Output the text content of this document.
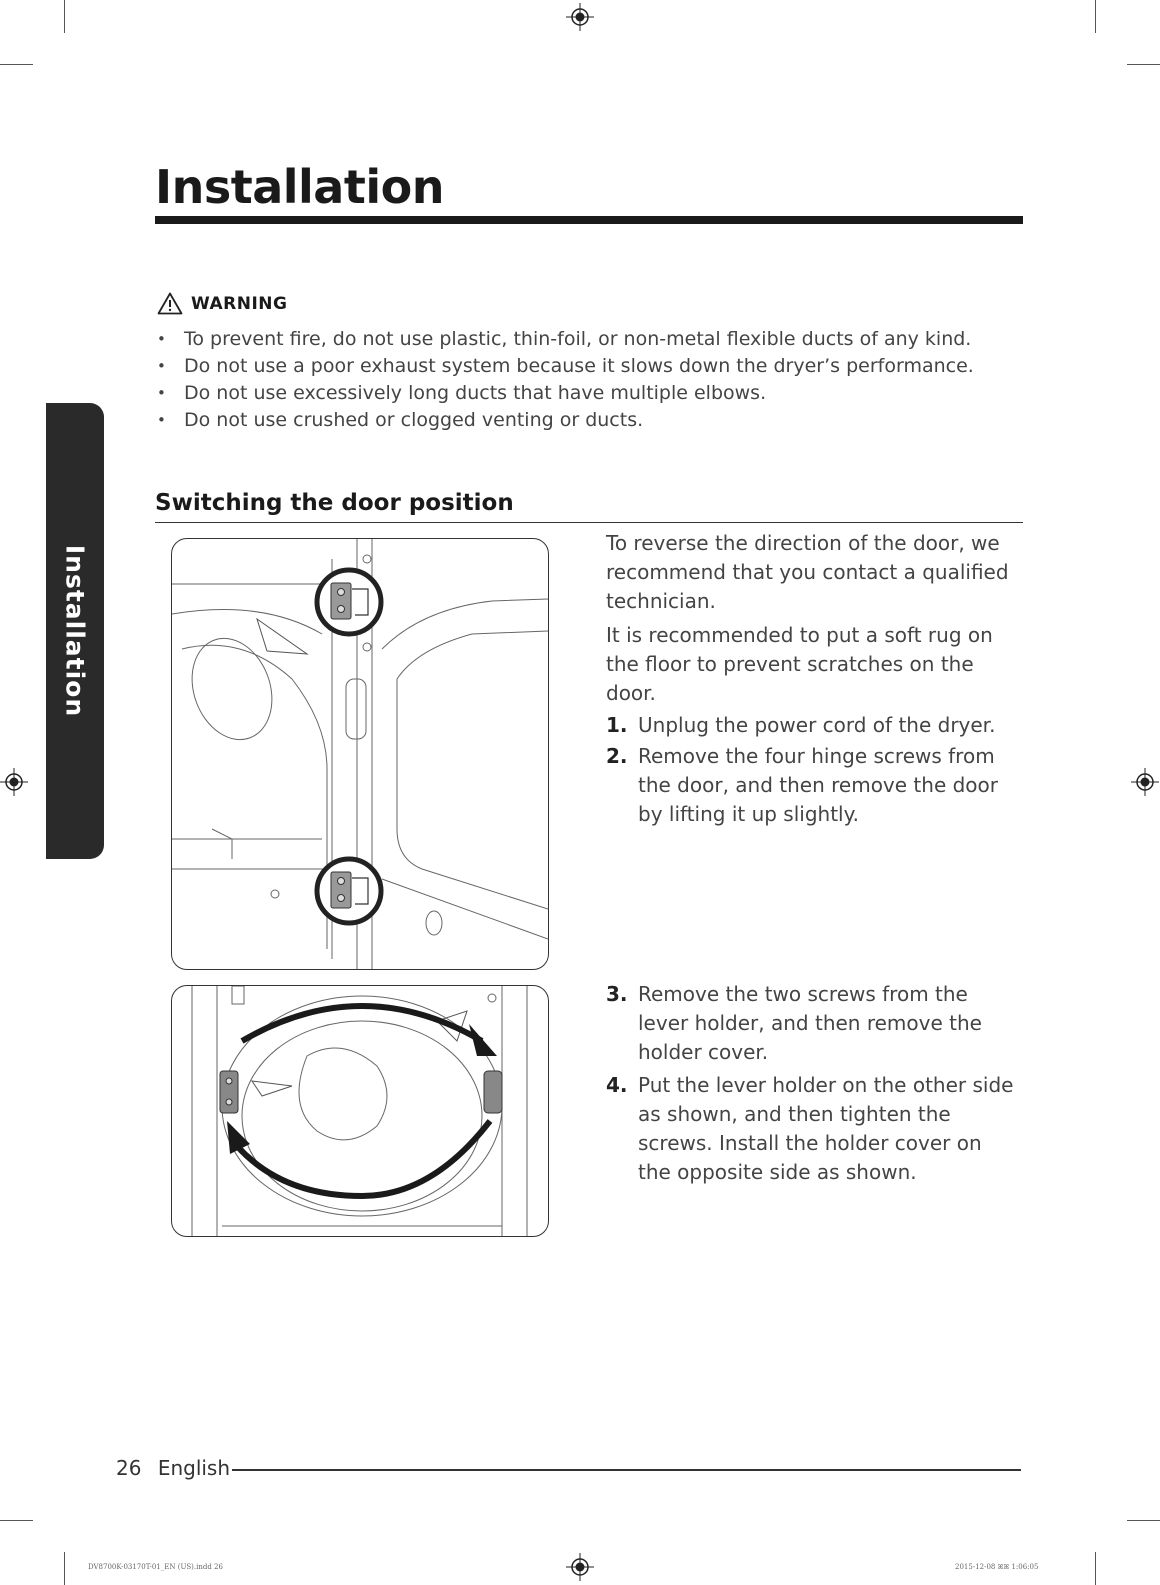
Installation
Installation
WARNING
• To prevent fire, do not use plastic, thin-foil, or non-metal flexible ducts of any kind.
• Do not use a poor exhaust system because it slows down the dryer’s performance.
• Do not use excessively long ducts that have multiple elbows.
• Do not use crushed or clogged venting or ducts.
Switching the door position

To reverse the direction of the door, we recommend that you contact a qualified technician.

It is recommended to put a soft rug on the floor to prevent scratches on the door.

1. Unplug the power cord of the dryer.
2. Remove the four hinge screws from the door, and then remove the door by lifting it up slightly.
3. Remove the two screws from the lever holder, and then remove the holder cover.
4. Put the lever holder on the other side as shown, and then tighten the screws. Install the holder cover on the opposite side as shown.
26 English
DV8700K-03170T-01_EN (US).indd 26	2015-12-08 ꕤꕤ 1:06:05
